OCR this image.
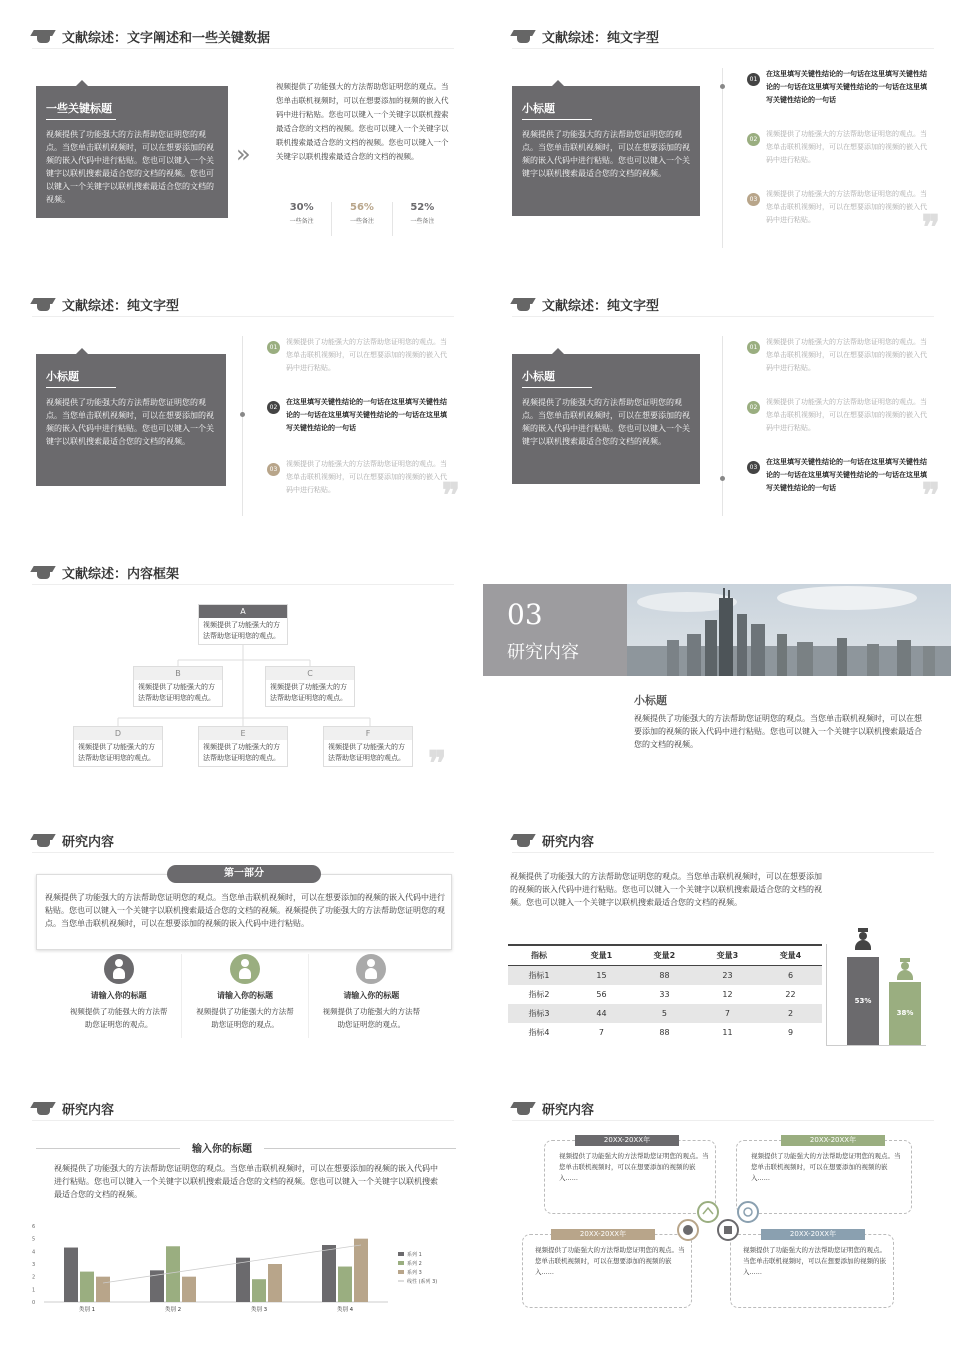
文献综述：文字阐述和一些关键数据
一些关键标题
视频提供了功能强大的方法帮助您证明您的观点。当您单击联机视频时，可以在想要添加的视频的嵌入代码中进行粘贴。您也可以键入一个关键字以联机搜索最适合您的文档的视频。您也可以键入一个关键字以联机搜索最适合您的文档的视频。
»
视频提供了功能强大的方法帮助您证明您的观点。当您单击联机视频时，可以在想要添加的视频的嵌入代码中进行粘贴。您也可以键入一个关键字以联机搜索最适合您的文档的视频。您也可以键入一个关键字以联机搜索最适合您的文档的视频。您也可以键入一个关键字以联机搜索最适合您的文档的视频。
30%
一些备注
56%
一些备注
52%
一些备注
文献综述：纯文字型
小标题
视频提供了功能强大的方法帮助您证明您的观点。当您单击联机视频时，可以在想要添加的视频的嵌入代码中进行粘贴。您也可以键入一个关键字以联机搜索最适合您的文档的视频。
01
在这里填写关键性结论的一句话在这里填写关键性结论的一句话在这里填写关键性结论的一句话在这里填写关键性结论的一句话
02
视频提供了功能强大的方法帮助您证明您的观点。当您单击联机视频时，可以在想要添加的视频的嵌入代码中进行粘贴。
03
视频提供了功能强大的方法帮助您证明您的观点。当您单击联机视频时，可以在想要添加的视频的嵌入代码中进行粘贴。	❞
文献综述：纯文字型
小标题
视频提供了功能强大的方法帮助您证明您的观点。当您单击联机视频时，可以在想要添加的视频的嵌入代码中进行粘贴。您也可以键入一个关键字以联机搜索最适合您的文档的视频。
01
视频提供了功能强大的方法帮助您证明您的观点。当您单击联机视频时，可以在想要添加的视频的嵌入代码中进行粘贴。
02
在这里填写关键性结论的一句话在这里填写关键性结论的一句话在这里填写关键性结论的一句话在这里填写关键性结论的一句话
03
视频提供了功能强大的方法帮助您证明您的观点。当您单击联机视频时，可以在想要添加的视频的嵌入代码中进行粘贴。	❞
文献综述：纯文字型
小标题
视频提供了功能强大的方法帮助您证明您的观点。当您单击联机视频时，可以在想要添加的视频的嵌入代码中进行粘贴。您也可以键入一个关键字以联机搜索最适合您的文档的视频。
01
视频提供了功能强大的方法帮助您证明您的观点。当您单击联机视频时，可以在想要添加的视频的嵌入代码中进行粘贴。
02
视频提供了功能强大的方法帮助您证明您的观点。当您单击联机视频时，可以在想要添加的视频的嵌入代码中进行粘贴。
03
在这里填写关键性结论的一句话在这里填写关键性结论的一句话在这里填写关键性结论的一句话在这里填写关键性结论的一句话	❞
文献综述：内容框架
A
视频提供了功能强大的方法帮助您证明您的观点。
B
视频提供了功能强大的方法帮助您证明您的观点。
C
视频提供了功能强大的方法帮助您证明您的观点。
D
视频提供了功能强大的方法帮助您证明您的观点。
E
视频提供了功能强大的方法帮助您证明您的观点。
F
视频提供了功能强大的方法帮助您证明您的观点。 ❞
03
研究内容
小标题
视频提供了功能强大的方法帮助您证明您的观点。当您单击联机视频时，可以在想要添加的视频的嵌入代码中进行粘贴。您也可以键入一个关键字以联机搜索最适合您的文档的视频。
研究内容
第一部分
视频提供了功能强大的方法帮助您证明您的观点。当您单击联机视频时，可以在想要添加的视频的嵌入代码中进行粘贴。您也可以键入一个关键字以联机搜索最适合您的文档的视频。视频提供了功能强大的方法帮助您证明您的观点。当您单击联机视频时，可以在想要添加的视频的嵌入代码中进行粘贴。
请输入你的标题
视频提供了功能强大的方法帮助您证明您的观点。
请输入你的标题
视频提供了功能强大的方法帮助您证明您的观点。
请输入你的标题
视频提供了功能强大的方法帮助您证明您的观点。
研究内容
视频提供了功能强大的方法帮助您证明您的观点。当您单击联机视频时，可以在想要添加的视频的嵌入代码中进行粘贴。您也可以键入一个关键字以联机搜索最适合您的文档的视频。您也可以键入一个关键字以联机搜索最适合您的文档的视频。
指标	变量1	变量2	变量3	变量4
指标1	15	88	23	6
指标2	56	33	12	22
指标3	44	5	7	2
指标4	7	88	11	9
53%
38%
研究内容
输入你的标题
视频提供了功能强大的方法帮助您证明您的观点。当您单击联机视频时，可以在想要添加的视频的嵌入代码中进行粘贴。您也可以键入一个关键字以联机搜索最适合您的文档的视频。您也可以键入一个关键字以联机搜索最适合您的文档的视频。
0
1
2
3
4
5
6
类别 1	类别 2	类别 3	类别 4
系列 1
系列 2
系列 3
线性 (系列 3)
研究内容
20XX-20XX年
视频提供了功能强大的方法帮助您证明您的观点。当您单击联机视频时，可以在想要添加的视频的嵌入......
20XX-20XX年
视频提供了功能强大的方法帮助您证明您的观点。当您单击联机视频时，可以在想要添加的视频的嵌入......
20XX-20XX年
视频提供了功能强大的方法帮助您证明您的观点。当您单击联机视频时，可以在想要添加的视频的嵌入......
20XX-20XX年
视频提供了功能强大的方法帮助您证明您的观点。当您单击联机视频时，可以在想要添加的视频的嵌入......
